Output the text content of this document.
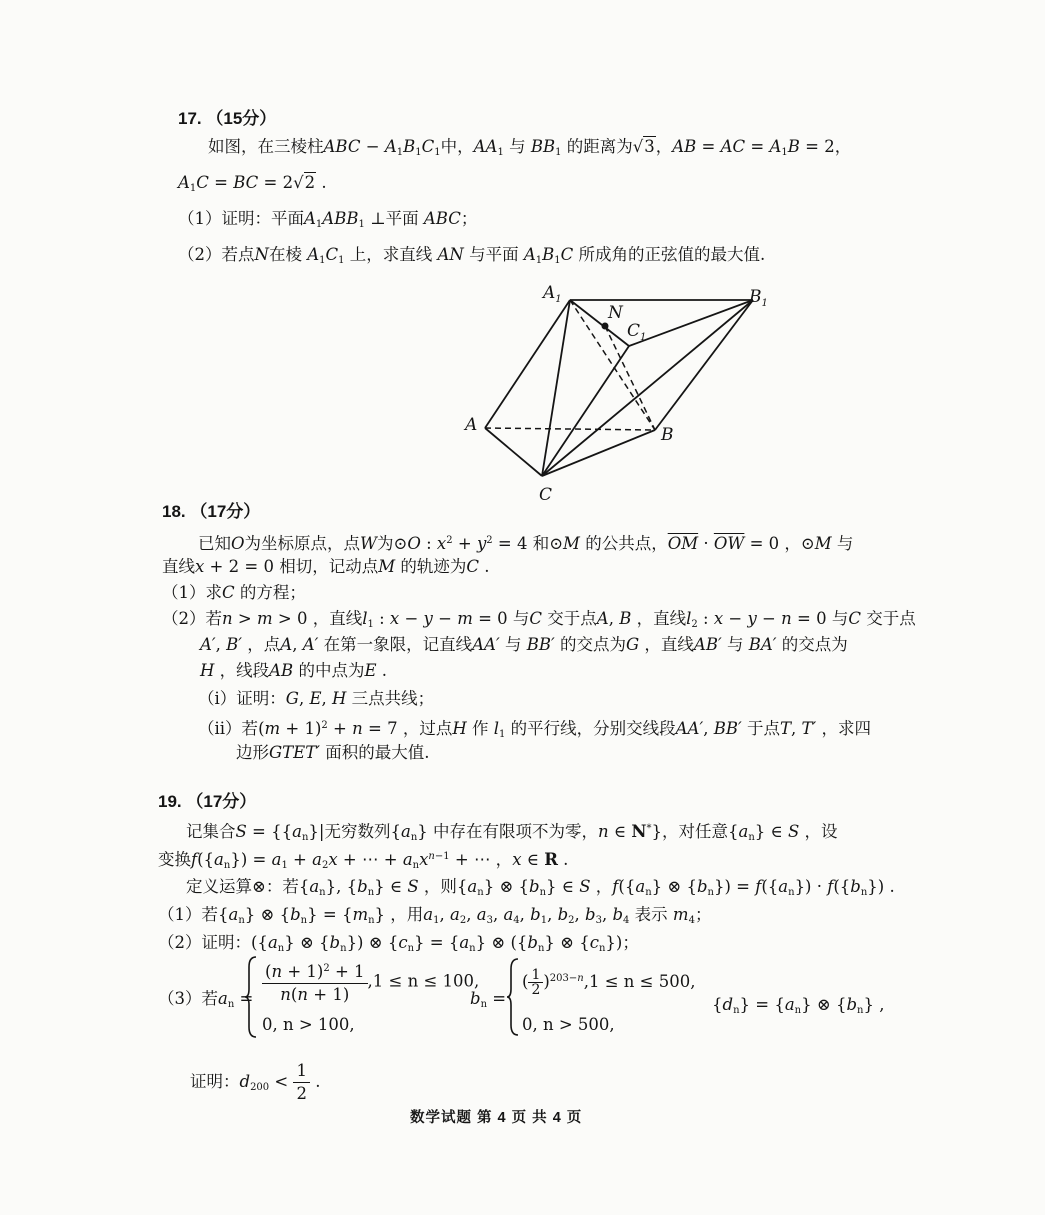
17. （15分）
如图，在三棱柱ABC − $A_1B_1C_1$中，$AA_1$ 与 $BB_1$ 的距离为√3，AB = AC = $A_1B = 2$，
$A_1C$ = BC = 2√2 .
（1）证明：平面$A_1ABB_1$ ⊥平面 ABC；
（2）若点N在棱 $A_1C_1$ 上，求直线 AN 与平面 $A_1B_1C$ 所成角的正弦值的最大值.
$A_1$	$B_1$
N
$C_1$
A	B
C
18. （17分）
已知O为坐标原点，点W为⊙O : $x^2 + y^2 = 4$ 和⊙M 的公共点，$\overline{OM} \cdot \overline{OW} = 0$ ，⊙M 与
直线x + 2 = 0 相切，记动点M 的轨迹为C .
（1）求C 的方程；
（2）若n > m > 0 ，直线$l_1$ : x − y − m = 0 与C 交于点A, B ，直线$l_2$ : x − y − n = 0 与C 交于点
A′, B′ ，点A, A′ 在第一象限，记直线AA′ 与 BB′ 的交点为G ，直线AB′ 与 BA′ 的交点为
H ，线段AB 的中点为E .
（ⅰ）证明：G, E, H 三点共线；
（ⅱ）若$(m + 1)^2 + n = 7$ ，过点H 作 $l_1$ 的平行线，分别交线段AA′, BB′ 于点T, T′ ，求四
边形GTET′ 面积的最大值.
19. （17分）
记集合$S = \{\{a_n\}|$无穷数列$\{a_n\}$ 中存在有限项不为零，n ∈ N*}，对任意$\{a_n\}$ ∈ S ，设
变换$f(\{a_n\}) = a_1 + a_2x$ + ⋯ + $a_nx^{n-1}$ + ⋯ ，x ∈ R .
定义运算⊗：若$\{a_n\}$, $\{b_n\}$ ∈ S ，则$\{a_n\}$ ⊗ $\{b_n\}$ ∈ S ，$f(\{a_n\}$ ⊗ $\{b_n\}) = f(\{a_n\}) \cdot f(\{b_n\})$ .
（1）若$\{a_n\}$ ⊗ $\{b_n\} = \{m_n\}$ ，用$a_1$, $a_2$, $a_3$, $a_4$, $b_1$, $b_2$, $b_3$, $b_4$ 表示 $m_4$；
（2）证明：($\{a_n\}$ ⊗ $\{b_n\}$) ⊗ $\{c_n\} = \{a_n\}$ ⊗ ($\{b_n\}$ ⊗ $\{c_n\}$)；
（3）若$a_n = \frac{(n + 1)^2 + 1}{n(n + 1)} ,1 \le n \le 100$,
0, n > 100,
$b_n$ =
( $\frac{1}{2} )^{203-n},1 \le n \le 500$,
0, n > 500,
$\{d_n\} = \{a_n\}$ ⊗ $\{b_n\}$ ,
证明：$d_{200} < \frac{1}{2}$ .
数学试题 第 4 页 共 4 页
